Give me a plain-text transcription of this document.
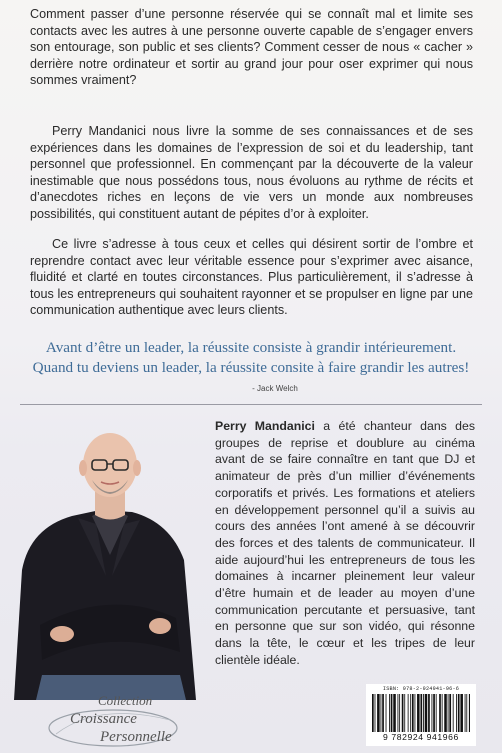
Comment passer d’une personne réservée qui se connaît mal et limite ses contacts avec les autres à une personne ouverte capable de s’engager envers son entourage, son public et ses clients? Comment cesser de nous « cacher » derrière notre ordinateur et sortir au grand jour pour oser exprimer qui nous sommes vraiment?

Perry Mandanici nous livre la somme de ses connaissances et de ses expériences dans les domaines de l’expression de soi et du leadership, tant personnel que professionnel. En commençant par la découverte de la valeur inestimable que nous possédons tous, nous évoluons au rythme de récits et d’anecdotes riches en leçons de vie vers un monde aux nombreuses possibilités, qui constituent autant de pépites d’or à exploiter.

Ce livre s’adresse à tous ceux et celles qui désirent sortir de l’ombre et reprendre contact avec leur véritable essence pour s’exprimer avec aisance, fluidité et clarté en toutes circonstances. Plus particulièrement, il s’adresse à tous les entrepreneurs qui souhaitent rayonner et se propulser en ligne par une communication authentique avec leurs clients.

Avant d’être un leader, la réussite consiste à grandir intérieurement.
Quand tu deviens un leader, la réussite consite à faire grandir les autres!
- Jack Welch

Perry Mandanici a été chanteur dans des groupes de reprise et doublure au cinéma avant de se faire connaître en tant que DJ et animateur de près d’un millier d’événements corporatifs et privés. Les formations et ateliers en développement personnel qu’il a suivis au cours des années l’ont amené à se découvrir des forces et des talents de communicateur. Il aide aujourd’hui les entrepreneurs de tous les domaines à incarner pleinement leur valeur d’être humain et de leader au moyen d’une communication percutante et persuasive, tant en personne que sur son vidéo, qui résonne dans la tête, le cœur et les tripes de leur clientèle idéale.

Collection
Croissance
Personnelle
ISBN: 978-2-924941-96-6
9 782924 941966
